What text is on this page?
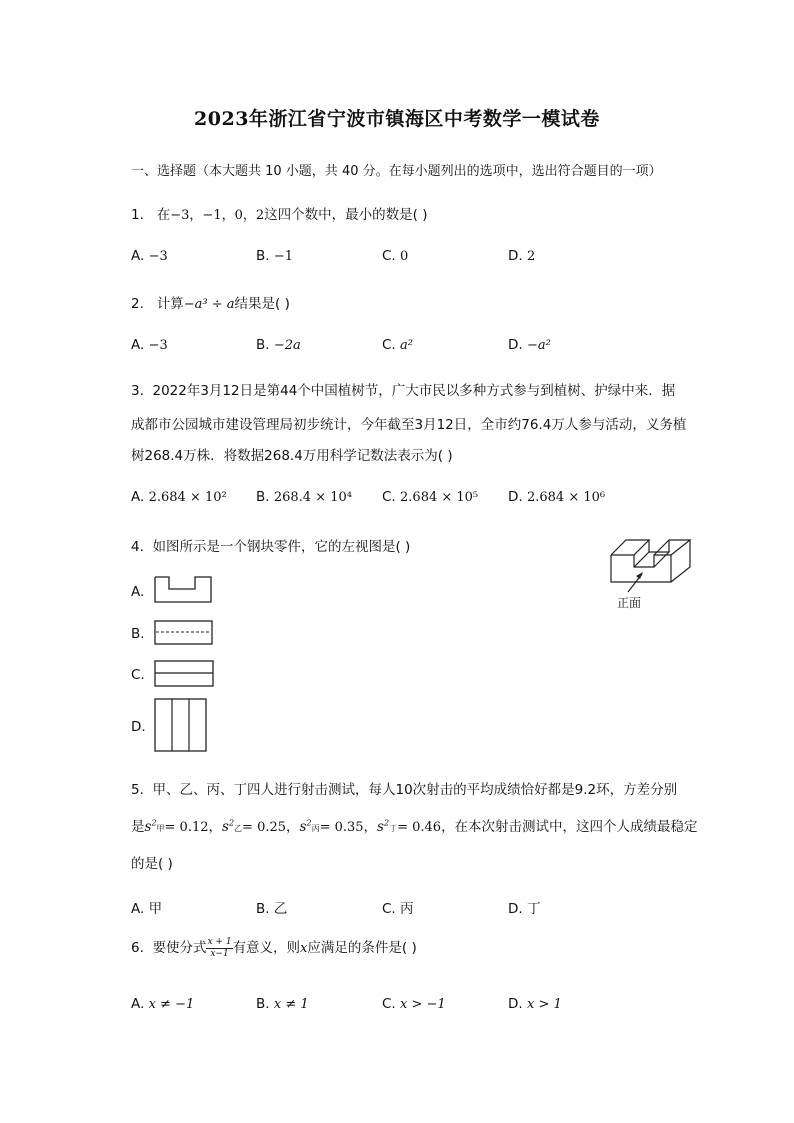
2023年浙江省宁波市镇海区中考数学一模试卷
一、选择题（本大题共 10 小题，共 40 分。在每小题列出的选项中，选出符合题目的一项）
1. 在−3，−1，0，2这四个数中，最小的数是( )
A. −3	B. −1	C. 0	D. 2
2. 计算−a³ ÷ a结果是( )
A. −3	B. −2a	C. a²	D. −a²
3. 2022年3月12日是第44个中国植树节，广大市民以多种方式参与到植树、护绿中来．据
成都市公园城市建设管理局初步统计，今年截至3月12日，全市约76.4万人参与活动，义务植
树268.4万株．将数据268.4万用科学记数法表示为( )
A. 2.684 × 10² B. 268.4 × 10⁴ C. 2.684 × 10⁵ D. 2.684 × 10⁶
4. 如图所示是一个钢块零件，它的左视图是( )
正面
A.
B.
C.
D.
5. 甲、乙、丙、丁四人进行射击测试，每人10次射击的平均成绩恰好都是9.2环，方差分别
是$s^2$甲= 0.12，$s^2$乙= 0.25，$s^2$丙= 0.35，$s^2$丁= 0.46，在本次射击测试中，这四个人成绩最稳定
的是( )
A. 甲	B. 乙	C. 丙	D. 丁
6. 要使分式 $\frac{x + 1}{x-1}$ 有意义，则x应满足的条件是( )
A. x ≠ −1	B. x ≠ 1	C. x > −1	D. x > 1
